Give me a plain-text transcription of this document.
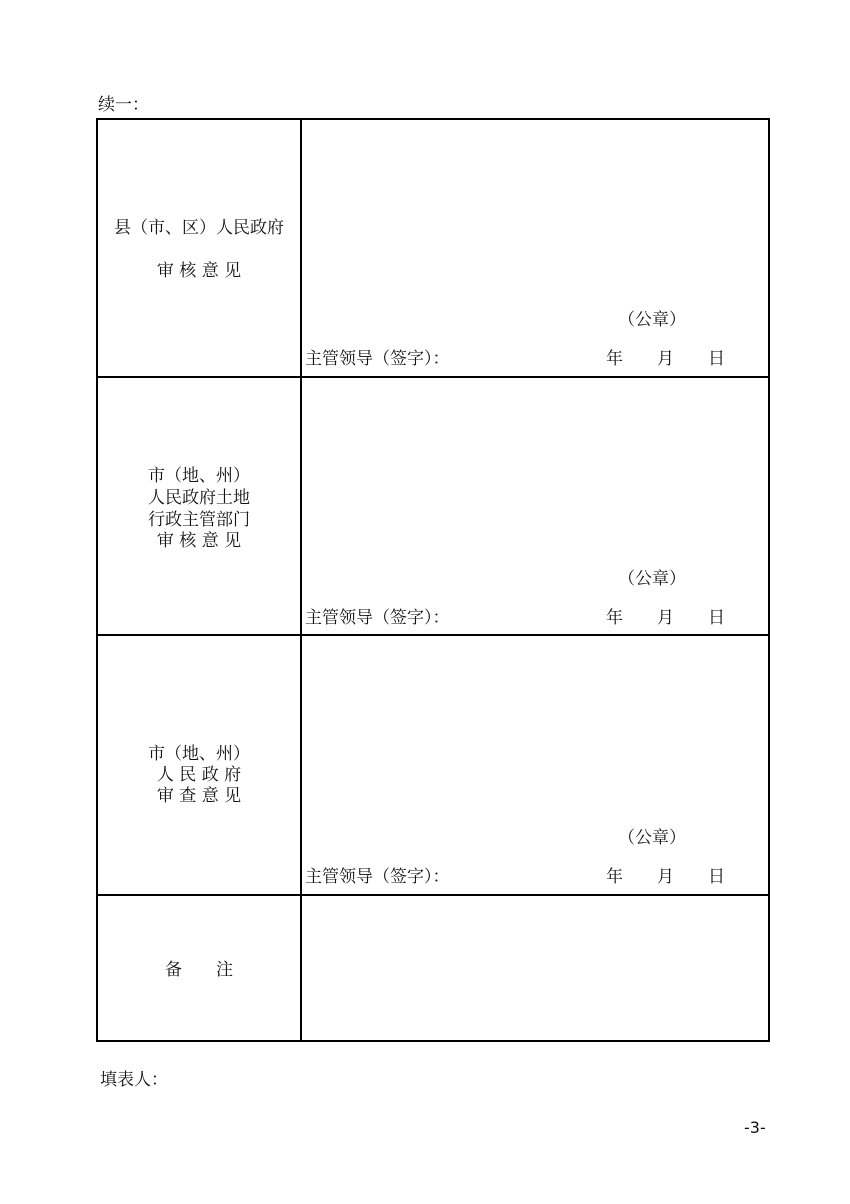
续一：
县（市、区）人民政府
审 核 意 见
（公章）
主管领导（签字）：	年 月 日
市（地、州）
人民政府土地
行政主管部门
审 核 意 见
（公章）
主管领导（签字）：	年 月 日
市（地、州）
人 民 政 府
审 查 意 见
（公章）
主管领导（签字）：	年 月 日
备　　注
填表人：
-3-
